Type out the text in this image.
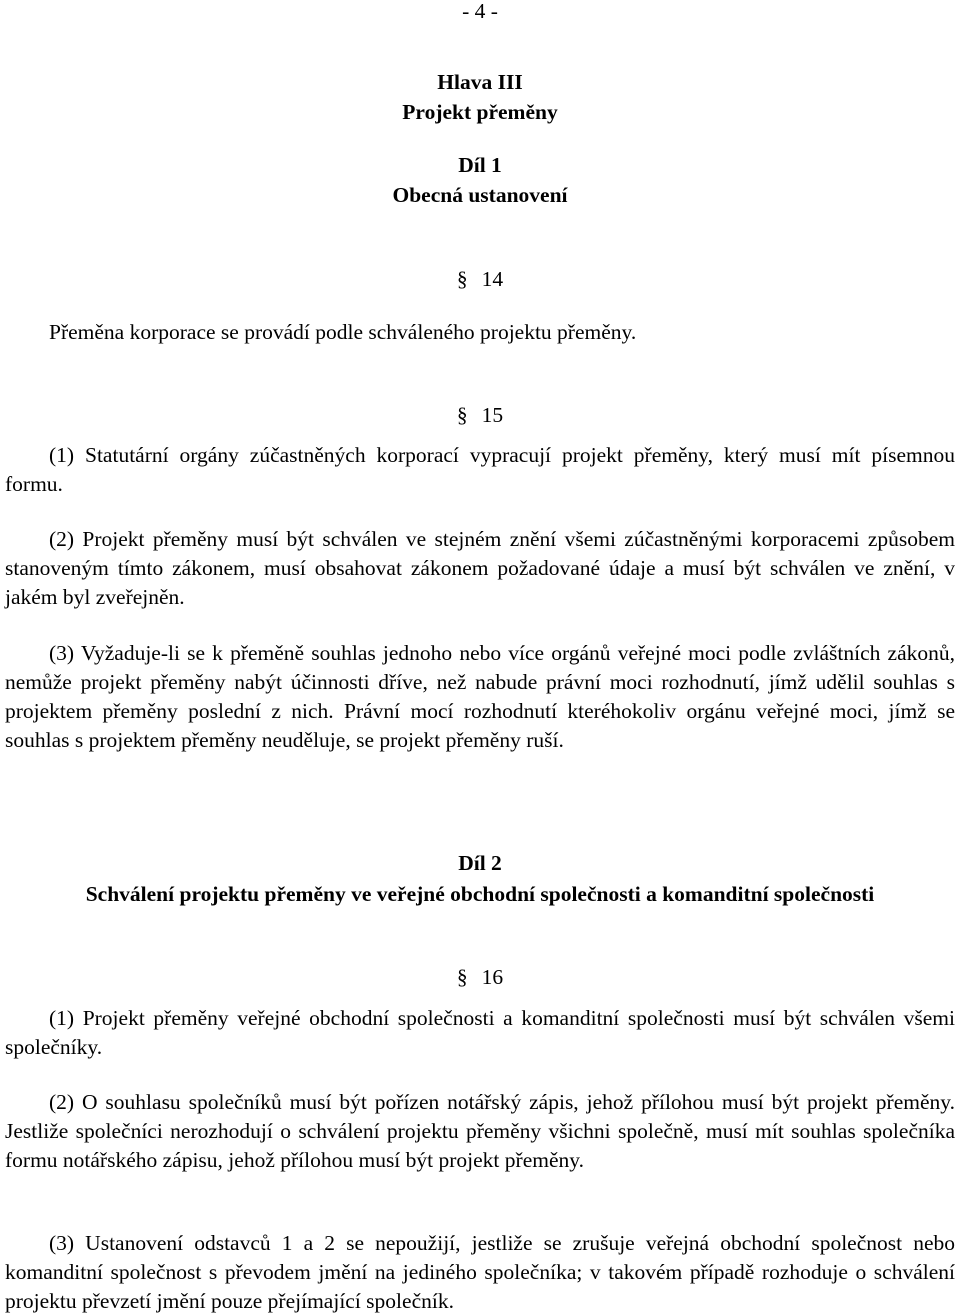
- 4 -
Hlava III
Projekt přeměny
Díl 1
Obecná ustanovení
§ 14

Přeměna korporace se provádí podle schváleného projektu přeměny.

§ 15

(1) Statutární orgány zúčastněných korporací vypracují projekt přeměny, který musí mít písemnou formu.

(2) Projekt přeměny musí být schválen ve stejném znění všemi zúčastněnými korporacemi způsobem stanoveným tímto zákonem, musí obsahovat zákonem požadované údaje a musí být schválen ve znění, v jakém byl zveřejněn.

(3) Vyžaduje-li se k přeměně souhlas jednoho nebo více orgánů veřejné moci podle zvláštních zákonů, nemůže projekt přeměny nabýt účinnosti dříve, než nabude právní moci rozhodnutí, jímž udělil souhlas s projektem přeměny poslední z nich. Právní mocí rozhodnutí kteréhokoliv orgánu veřejné moci, jímž se souhlas s projektem přeměny neuděluje, se projekt přeměny ruší.

Díl 2
Schválení projektu přeměny ve veřejné obchodní společnosti a komanditní společnosti
§ 16

(1) Projekt přeměny veřejné obchodní společnosti a komanditní společnosti musí být schválen všemi společníky.

(2) O souhlasu společníků musí být pořízen notářský zápis, jehož přílohou musí být projekt přeměny. Jestliže společníci nerozhodují o schválení projektu přeměny všichni společně, musí mít souhlas společníka formu notářského zápisu, jehož přílohou musí být projekt přeměny.

(3) Ustanovení odstavců 1 a 2 se nepoužijí, jestliže se zrušuje veřejná obchodní společnost nebo komanditní společnost s převodem jmění na jediného společníka; v takovém případě rozhoduje o schválení projektu převzetí jmění pouze přejímající společník.
